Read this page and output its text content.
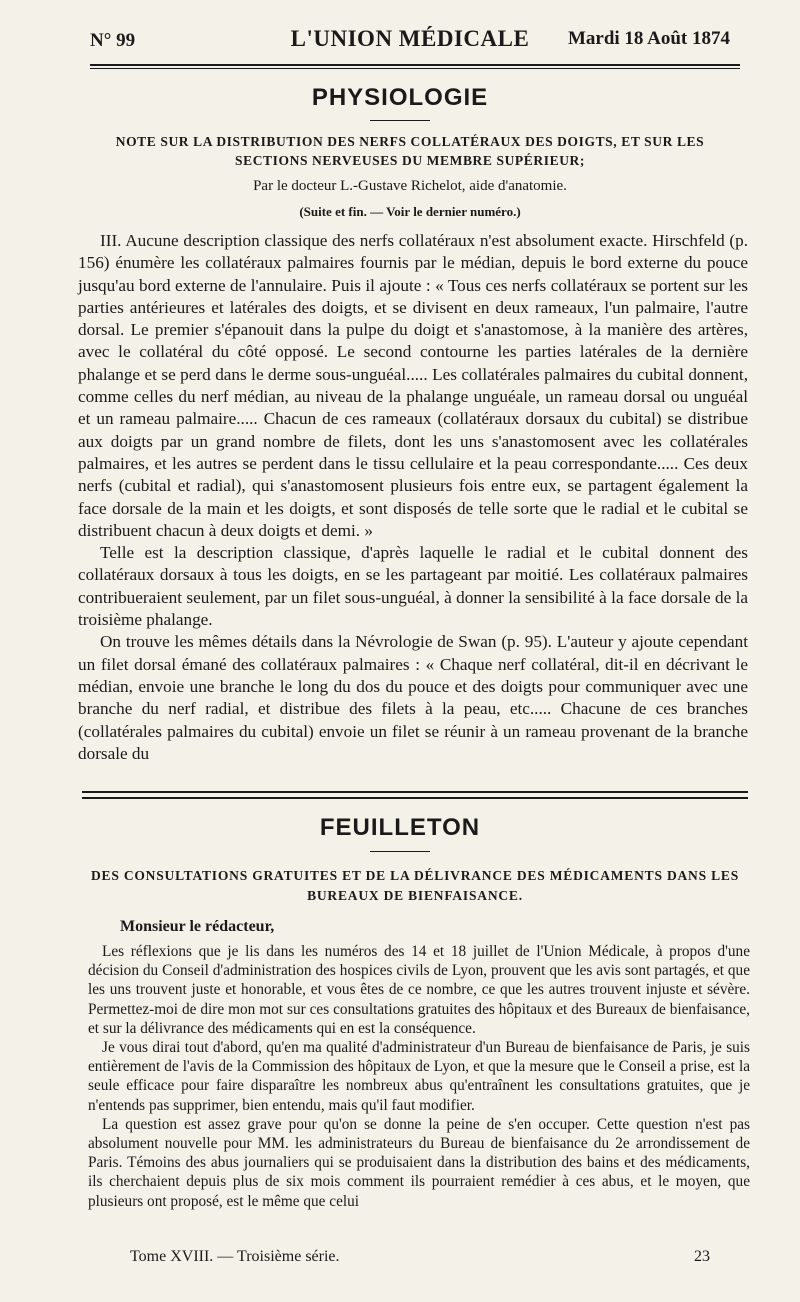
N° 99	L'UNION MÉDICALE	Mardi 18 Août 1874
PHYSIOLOGIE
NOTE SUR LA DISTRIBUTION DES NERFS COLLATÉRAUX DES DOIGTS, ET SUR LES
SECTIONS NERVEUSES DU MEMBRE SUPÉRIEUR;
Par le docteur L.-Gustave Richelot, aide d'anatomie.
(Suite et fin. — Voir le dernier numéro.)

III. Aucune description classique des nerfs collatéraux n'est absolument exacte. Hirschfeld (p. 156) énumère les collatéraux palmaires fournis par le médian, depuis le bord externe du pouce jusqu'au bord externe de l'annulaire. Puis il ajoute : « Tous ces nerfs collatéraux se portent sur les parties antérieures et latérales des doigts, et se divisent en deux rameaux, l'un palmaire, l'autre dorsal. Le premier s'épanouit dans la pulpe du doigt et s'anastomose, à la manière des artères, avec le collatéral du côté opposé. Le second contourne les parties latérales de la dernière phalange et se perd dans le derme sous-unguéal..... Les collatérales palmaires du cubital donnent, comme celles du nerf médian, au niveau de la phalange unguéale, un rameau dorsal ou unguéal et un rameau palmaire..... Chacun de ces rameaux (collatéraux dorsaux du cubital) se distribue aux doigts par un grand nombre de filets, dont les uns s'anastomosent avec les collatérales palmaires, et les autres se perdent dans le tissu cellulaire et la peau correspondante..... Ces deux nerfs (cubital et radial), qui s'anastomosent plusieurs fois entre eux, se partagent également la face dorsale de la main et les doigts, et sont disposés de telle sorte que le radial et le cubital se distribuent chacun à deux doigts et demi. »

Telle est la description classique, d'après laquelle le radial et le cubital donnent des collatéraux dorsaux à tous les doigts, en se les partageant par moitié. Les collatéraux palmaires contribueraient seulement, par un filet sous-unguéal, à donner la sensibilité à la face dorsale de la troisième phalange.

On trouve les mêmes détails dans la Névrologie de Swan (p. 95). L'auteur y ajoute cependant un filet dorsal émané des collatéraux palmaires : « Chaque nerf collatéral, dit-il en décrivant le médian, envoie une branche le long du dos du pouce et des doigts pour communiquer avec une branche du nerf radial, et distribue des filets à la peau, etc..... Chacune de ces branches (collatérales palmaires du cubital) envoie un filet se réunir à un rameau provenant de la branche dorsale du

FEUILLETON
DES CONSULTATIONS GRATUITES ET DE LA DÉLIVRANCE DES MÉDICAMENTS DANS LES
BUREAUX DE BIENFAISANCE.
Monsieur le rédacteur,

Les réflexions que je lis dans les numéros des 14 et 18 juillet de l'Union Médicale, à propos d'une décision du Conseil d'administration des hospices civils de Lyon, prouvent que les avis sont partagés, et que les uns trouvent juste et honorable, et vous êtes de ce nombre, ce que les autres trouvent injuste et sévère. Permettez-moi de dire mon mot sur ces consultations gratuites des hôpitaux et des Bureaux de bienfaisance, et sur la délivrance des médicaments qui en est la conséquence.

Je vous dirai tout d'abord, qu'en ma qualité d'administrateur d'un Bureau de bienfaisance de Paris, je suis entièrement de l'avis de la Commission des hôpitaux de Lyon, et que la mesure que le Conseil a prise, est la seule efficace pour faire disparaître les nombreux abus qu'entraînent les consultations gratuites, que je n'entends pas supprimer, bien entendu, mais qu'il faut modifier.

La question est assez grave pour qu'on se donne la peine de s'en occuper. Cette question n'est pas absolument nouvelle pour MM. les administrateurs du Bureau de bienfaisance du 2e arrondissement de Paris. Témoins des abus journaliers qui se produisaient dans la distribution des bains et des médicaments, ils cherchaient depuis plus de six mois comment ils pourraient remédier à ces abus, et le moyen, que plusieurs ont proposé, est le même que celui

Tome XVIII. — Troisième série.	23
